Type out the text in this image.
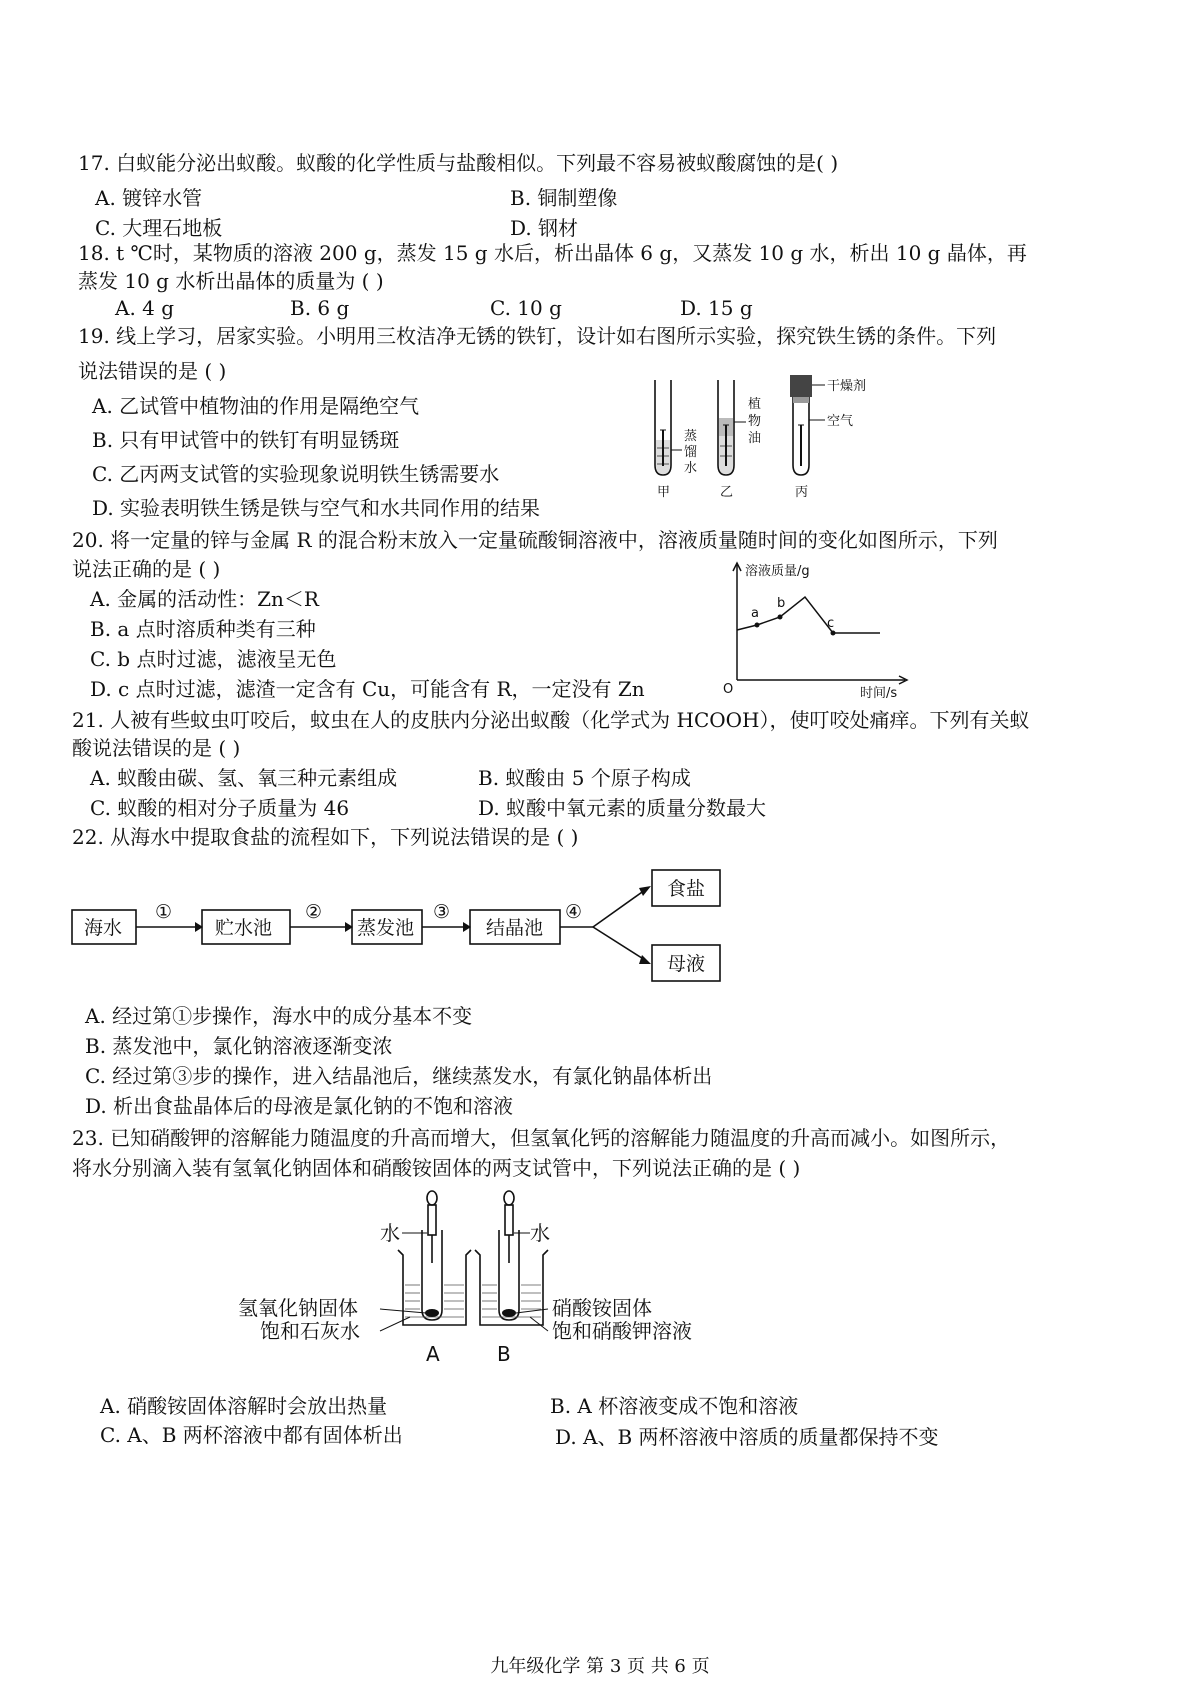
17. 白蚁能分泌出蚁酸。蚁酸的化学性质与盐酸相似。下列最不容易被蚁酸腐蚀的是( )
A. 镀锌水管	B. 铜制塑像
C. 大理石地板	D. 钢材
18. t ℃时，某物质的溶液 200 g，蒸发 15 g 水后，析出晶体 6 g，又蒸发 10 g 水，析出 10 g 晶体，再
蒸发 10 g 水析出晶体的质量为 ( )
A. 4 g	B. 6 g	C. 10 g	D. 15 g
19. 线上学习，居家实验。小明用三枚洁净无锈的铁钉，设计如右图所示实验，探究铁生锈的条件。下列
说法错误的是 ( )
A. 乙试管中植物油的作用是隔绝空气
B. 只有甲试管中的铁钉有明显锈斑
C. 乙丙两支试管的实验现象说明铁生锈需要水
D. 实验表明铁生锈是铁与空气和水共同作用的结果
蒸
馏
水
植
物
油
干燥剂
空气
甲	乙	丙
20. 将一定量的锌与金属 R 的混合粉末放入一定量硫酸铜溶液中，溶液质量随时间的变化如图所示，下列
说法正确的是 ( )
A. 金属的活动性：Zn＜R
B. a 点时溶质种类有三种
C. b 点时过滤，滤液呈无色
D. c 点时过滤，滤渣一定含有 Cu，可能含有 R，一定没有 Zn
溶液质量/g
时间/s
O
a
b
c
21. 人被有些蚊虫叮咬后，蚊虫在人的皮肤内分泌出蚁酸（化学式为 HCOOH），使叮咬处痛痒。下列有关蚁
酸说法错误的是 ( )
A. 蚁酸由碳、氢、氧三种元素组成	B. 蚁酸由 5 个原子构成
C. 蚁酸的相对分子质量为 46	D. 蚁酸中氧元素的质量分数最大
22. 从海水中提取食盐的流程如下，下列说法错误的是 ( )
海水	贮水池	蒸发池	结晶池
食盐
母液
①	②	③	④
A. 经过第①步操作，海水中的成分基本不变
B. 蒸发池中，氯化钠溶液逐渐变浓
C. 经过第③步的操作，进入结晶池后，继续蒸发水，有氯化钠晶体析出
D. 析出食盐晶体后的母液是氯化钠的不饱和溶液
23. 已知硝酸钾的溶解能力随温度的升高而增大，但氢氧化钙的溶解能力随温度的升高而减小。如图所示，
将水分别滴入装有氢氧化钠固体和硝酸铵固体的两支试管中，下列说法正确的是 ( )
水	水
氢氧化钠固体
饱和石灰水
硝酸铵固体
饱和硝酸钾溶液
A	B
A. 硝酸铵固体溶解时会放出热量	B. A 杯溶液变成不饱和溶液
C. A、B 两杯溶液中都有固体析出	D. A、B 两杯溶液中溶质的质量都保持不变
九年级化学 第 3 页 共 6 页
